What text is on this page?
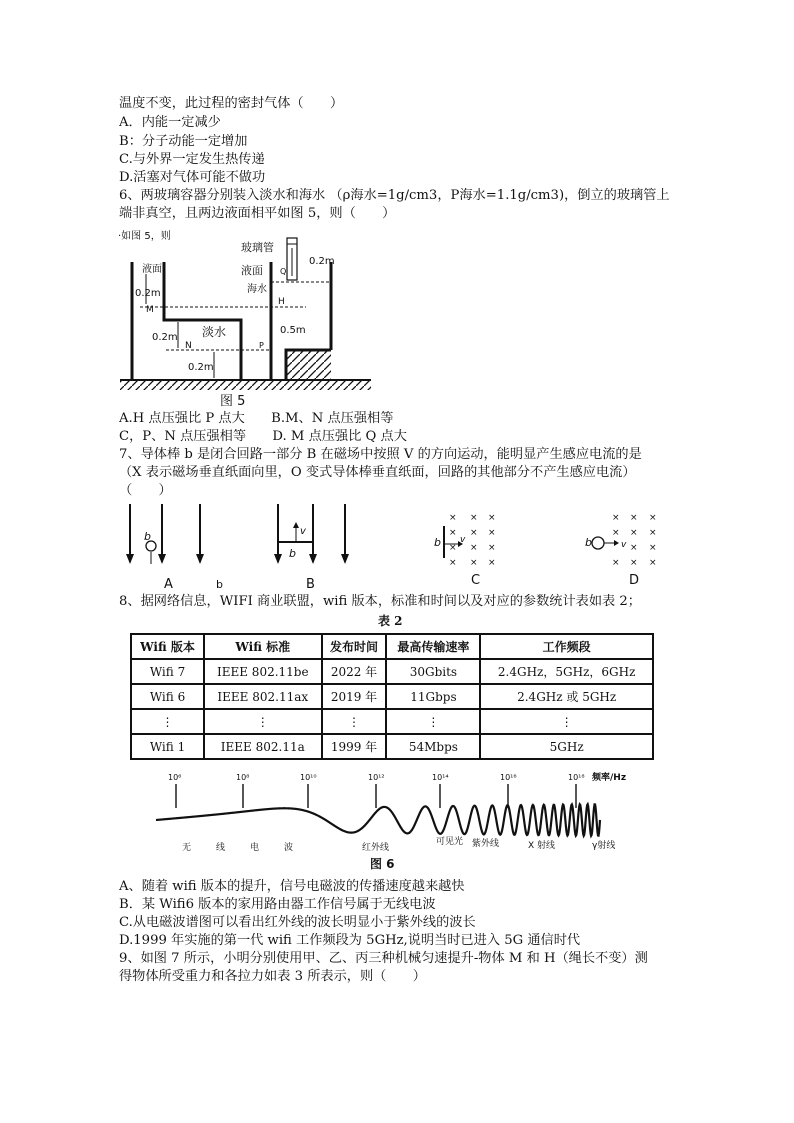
温度不变，此过程的密封气体（　　）
A．内能一定减少
B：分子动能一定增加
C.与外界一定发生热传递
D.活塞对气体可能不做功
6、两玻璃容器分别装入淡水和海水 （ρ海水=1g/cm3，P海水=1.1g/cm3)，倒立的玻璃管上
端非真空，且两边液面相平如图 5，则（　　）
·如图 5，则
玻璃管
液面	液面
海水
淡水
0.2m
0.2m
0.2m
0.2m
0.5m
M
N
H
P
Q
图 5
A.H 点压强比 P 点大　　B.M、N 点压强相等
C，P、N 点压强相等　　D. M 点压强比 Q 点大
7、导体棒 b 是闭合回路一部分 B 在磁场中按照 V 的方向运动，能明显产生感应电流的是
（X 表示磁场垂直纸面向里，O 变式导体棒垂直纸面，回路的其他部分不产生感应电流）
（　　）
b
A	b
v
b
B
× × ×
× × ×
× × ×
× × ×
b v
C
× × ×
× × ×
× ×
× × ×
b	v
D
8、据网络信息，WIFI 商业联盟，wifi 版本，标准和时间以及对应的参数统计表如表 2；
表 2
Wifi 版本	Wifi 标准	发布时间	最高传输速率	工作频段
Wifi 7	IEEE 802.11be	2022 年	30Gbits	2.4GHz，5GHz，6GHz
Wifi 6	IEEE 802.11ax	2019 年	11Gbps	2.4GHz 或 5GHz
⋮	⋮	⋮	⋮	⋮
Wifi 1	IEEE 802.11a	1999 年	54Mbps	5GHz
10⁶	10⁸	10¹⁰	10¹²	10¹⁴	10¹⁶	10¹⁸ 频率/Hz
无	线	电	波	红外线
可见光 紫外线	X 射线	γ射线
图 6
A、随着 wifi 版本的提升，信号电磁波的传播速度越来越快
B．某 Wifi6 版本的家用路由器工作信号属于无线电波
C.从电磁波谱图可以看出红外线的波长明显小于紫外线的波长
D.1999 年实施的第一代 wifi 工作频段为 5GHz,说明当时已进入 5G 通信时代
9、如图 7 所示，小明分别使用甲、乙、丙三种机械匀速提升-物体 M 和 H（绳长不变）测
得物体所受重力和各拉力如表 3 所表示，则（　　）
